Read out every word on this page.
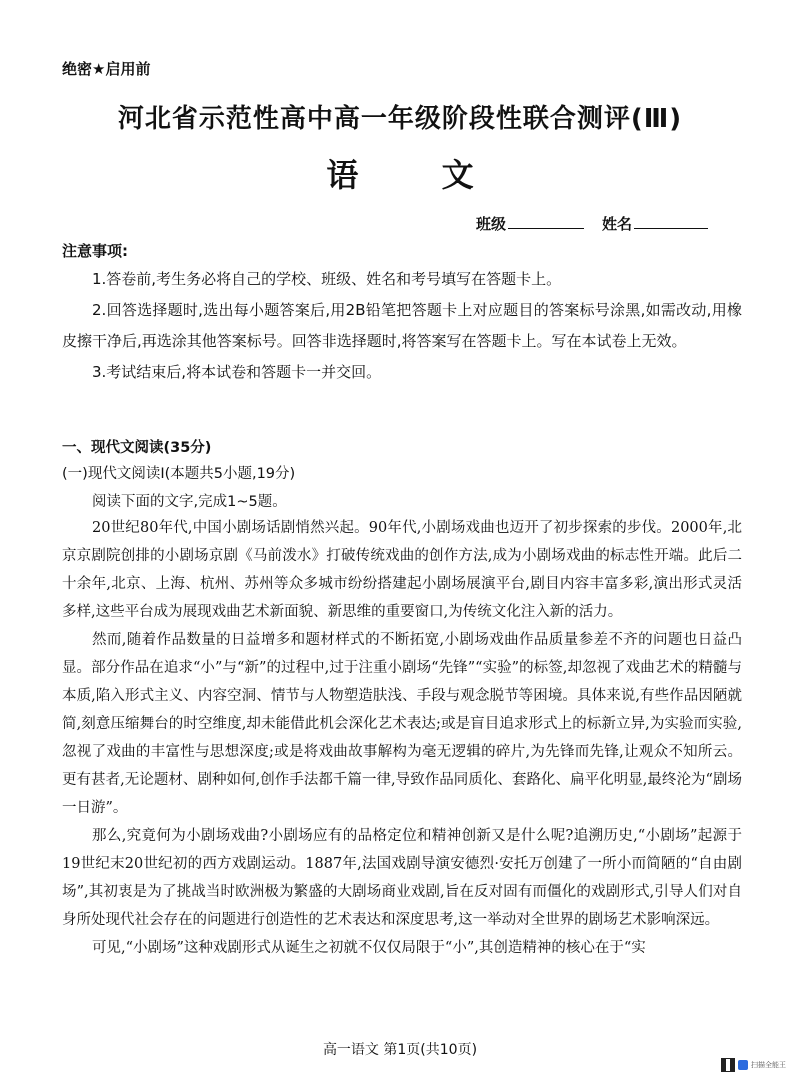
绝密★启用前
河北省示范性高中高一年级阶段性联合测评(Ⅲ)
语 文
班级	姓名
注意事项:

1.答卷前,考生务必将自己的学校、班级、姓名和考号填写在答题卡上。

2.回答选择题时,选出每小题答案后,用2B铅笔把答题卡上对应题目的答案标号涂黑,如需改动,用橡皮擦干净后,再选涂其他答案标号。回答非选择题时,将答案写在答题卡上。写在本试卷上无效。

3.考试结束后,将本试卷和答题卡一并交回。

一、现代文阅读(35分)
(一)现代文阅读Ⅰ(本题共5小题,19分)
阅读下面的文字,完成1~5题。

20世纪80年代,中国小剧场话剧悄然兴起。90年代,小剧场戏曲也迈开了初步探索的步伐。2000年,北京京剧院创排的小剧场京剧《马前泼水》打破传统戏曲的创作方法,成为小剧场戏曲的标志性开端。此后二十余年,北京、上海、杭州、苏州等众多城市纷纷搭建起小剧场展演平台,剧目内容丰富多彩,演出形式灵活多样,这些平台成为展现戏曲艺术新面貌、新思维的重要窗口,为传统文化注入新的活力。

然而,随着作品数量的日益增多和题材样式的不断拓宽,小剧场戏曲作品质量参差不齐的问题也日益凸显。部分作品在追求“小”与“新”的过程中,过于注重小剧场“先锋”“实验”的标签,却忽视了戏曲艺术的精髓与本质,陷入形式主义、内容空洞、情节与人物塑造肤浅、手段与观念脱节等困境。具体来说,有些作品因陋就简,刻意压缩舞台的时空维度,却未能借此机会深化艺术表达;或是盲目追求形式上的标新立异,为实验而实验,忽视了戏曲的丰富性与思想深度;或是将戏曲故事解构为毫无逻辑的碎片,为先锋而先锋,让观众不知所云。更有甚者,无论题材、剧种如何,创作手法都千篇一律,导致作品同质化、套路化、扁平化明显,最终沦为“剧场一日游”。

那么,究竟何为小剧场戏曲?小剧场应有的品格定位和精神创新又是什么呢?追溯历史,“小剧场”起源于19世纪末20世纪初的西方戏剧运动。1887年,法国戏剧导演安德烈·安托万创建了一所小而简陋的“自由剧场”,其初衷是为了挑战当时欧洲极为繁盛的大剧场商业戏剧,旨在反对固有而僵化的戏剧形式,引导人们对自身所处现代社会存在的问题进行创造性的艺术表达和深度思考,这一举动对全世界的剧场艺术影响深远。

可见,“小剧场”这种戏剧形式从诞生之初就不仅仅局限于“小”,其创造精神的核心在于“实

高一语文 第1页(共10页)
扫描全能王
